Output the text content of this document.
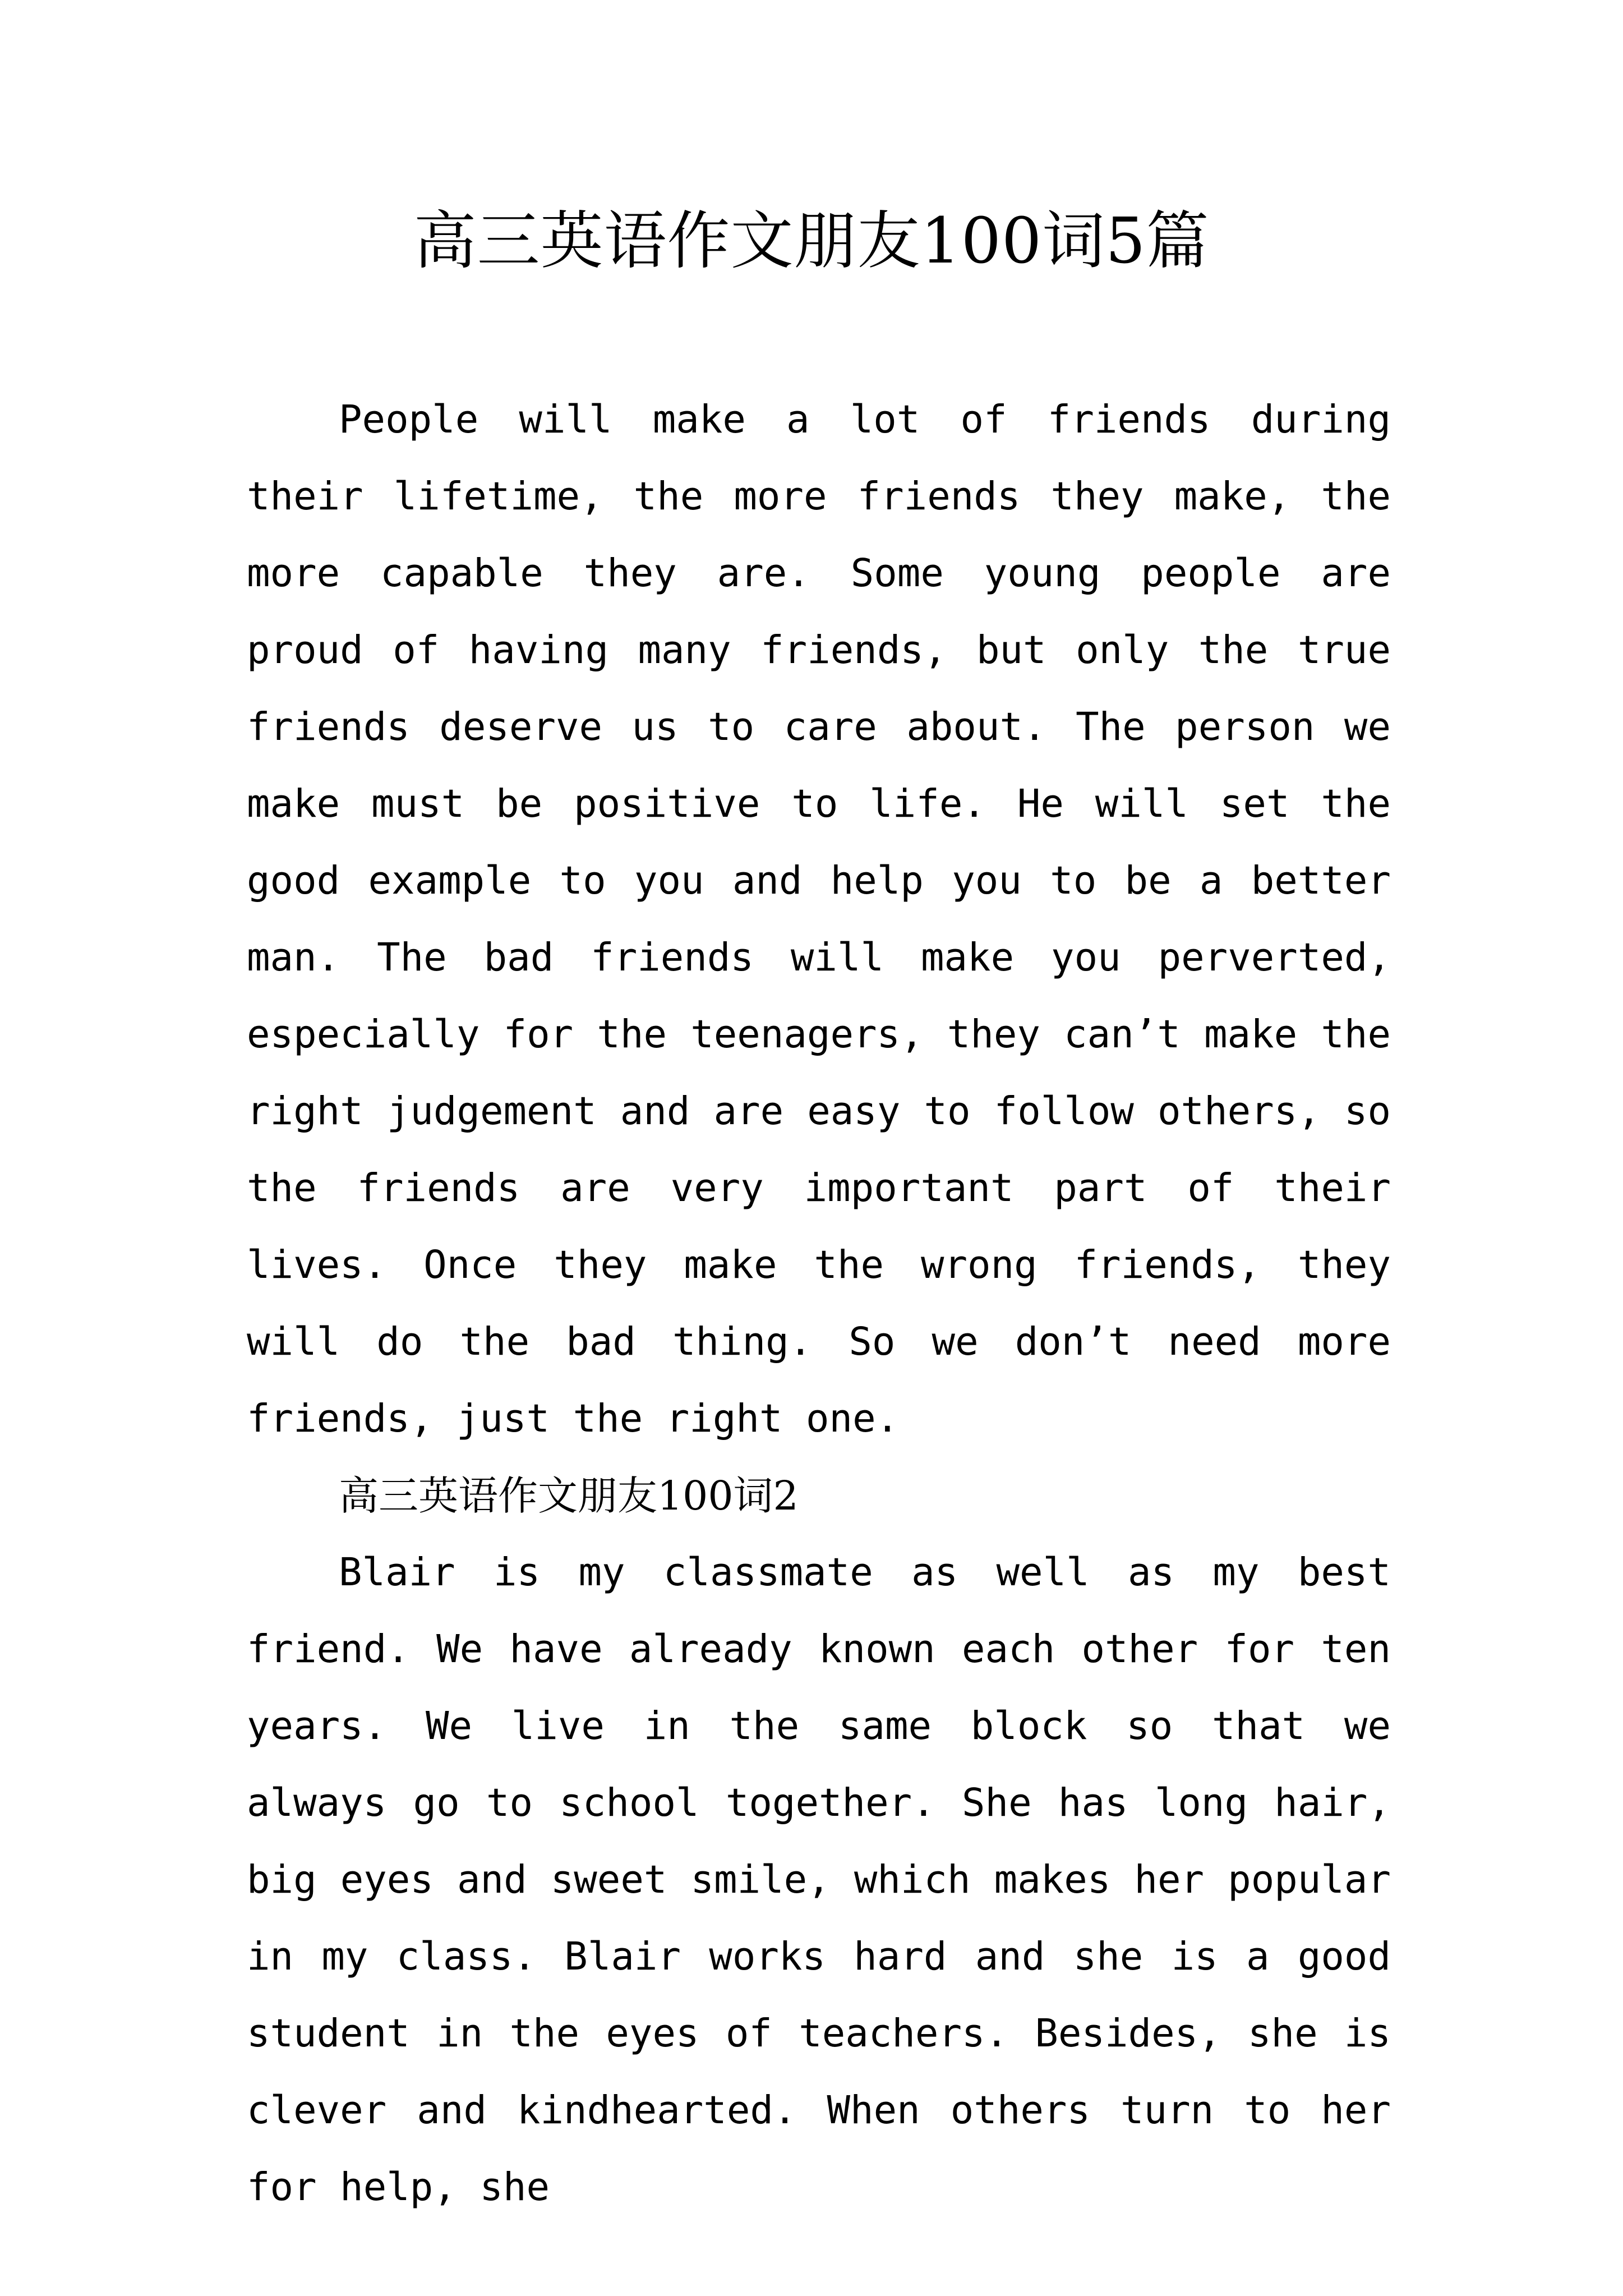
高三英语作文朋友100词5篇

People will make a lot of friends during their lifetime, the more friends they make, the more capable they are. Some young people are proud of having many friends, but only the true friends deserve us to care about. The person we make must be positive to life. He will set the good example to you and help you to be a better man. The bad friends will make you perverted, especially for the teenagers, they can’t make the right judgement and are easy to follow others, so the friends are very important part of their lives. Once they make the wrong friends, they will do the bad thing. So we don’t need more friends, just the right one.

高三英语作文朋友100词2

Blair is my classmate as well as my best friend. We have already known each other for ten years. We live in the same block so that we always go to school together. She has long hair, big eyes and sweet smile, which makes her popular in my class. Blair works hard and she is a good student in the eyes of teachers. Besides, she is clever and kindhearted. When others turn to her for help, she
